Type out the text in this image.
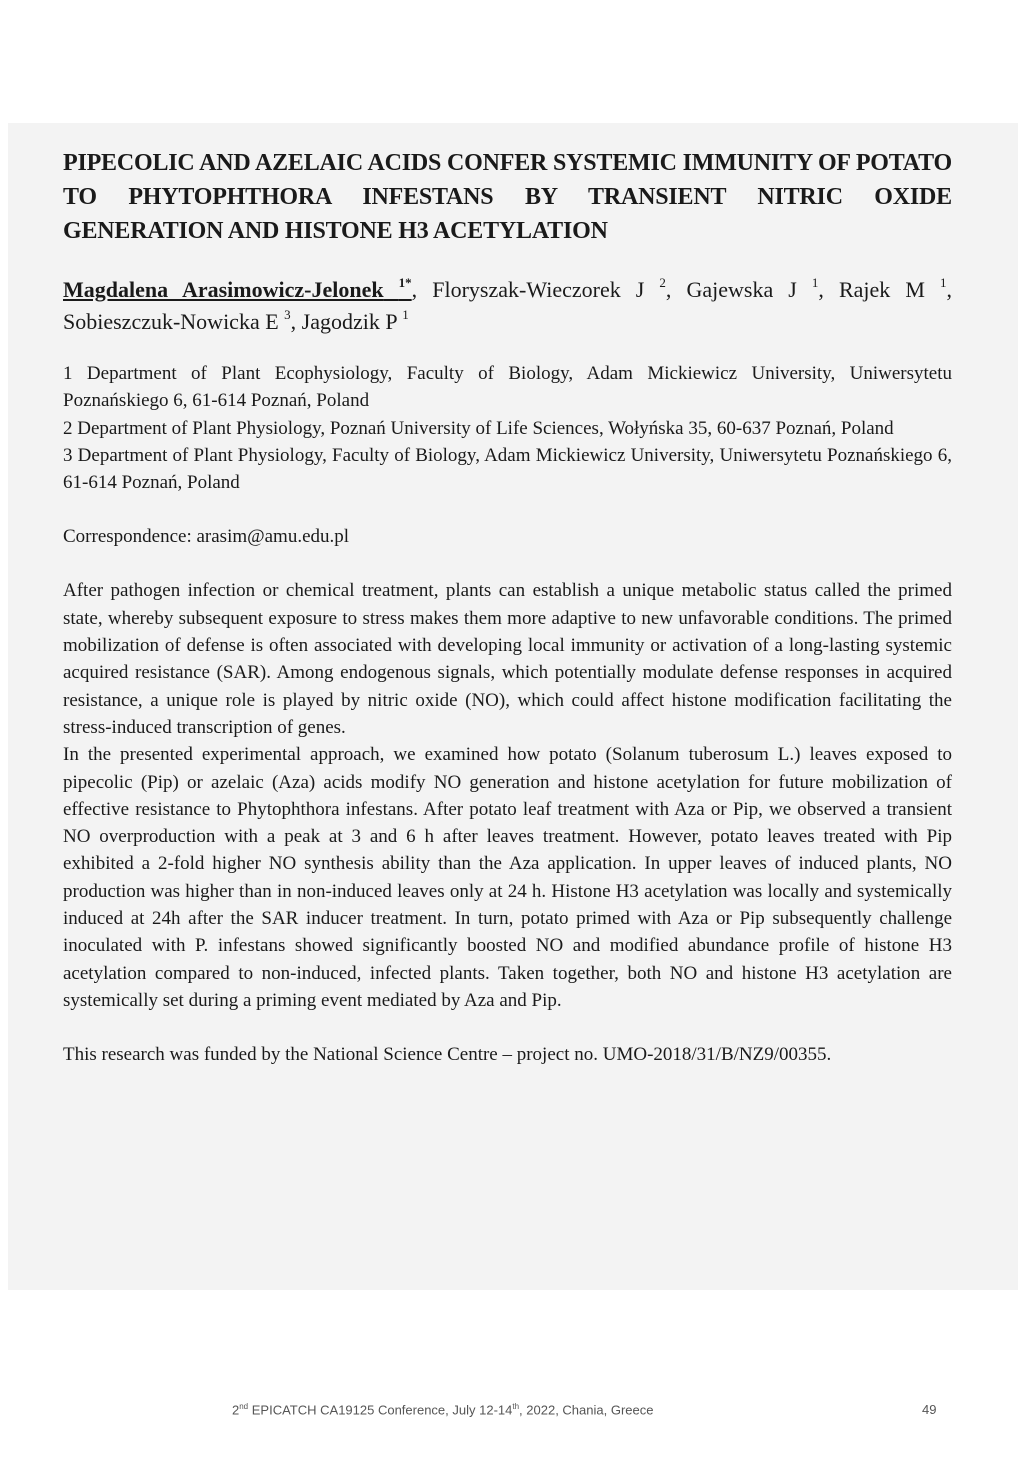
PIPECOLIC AND AZELAIC ACIDS CONFER SYSTEMIC IMMUNITY OF POTATO TO PHYTOPHTHORA INFESTANS BY TRANSIENT NITRIC OXIDE GENERATION AND HISTONE H3 ACETYLATION
Magdalena Arasimowicz-Jelonek $^{1*}$, Floryszak-Wieczorek J $^2$, Gajewska J $^1$, Rajek M $^1$, Sobieszczuk-Nowicka E $^3$, Jagodzik P $^1$
1 Department of Plant Ecophysiology, Faculty of Biology, Adam Mickiewicz University, Uniwersytetu Poznańskiego 6, 61-614 Poznań, Poland
2 Department of Plant Physiology, Poznań University of Life Sciences, Wołyńska 35, 60-637 Poznań, Poland
3 Department of Plant Physiology, Faculty of Biology, Adam Mickiewicz University, Uniwersytetu Poznańskiego 6, 61-614 Poznań, Poland
Correspondence: arasim@amu.edu.pl

After pathogen infection or chemical treatment, plants can establish a unique metabolic status called the primed state, whereby subsequent exposure to stress makes them more adaptive to new unfavorable conditions. The primed mobilization of defense is often associated with developing local immunity or activation of a long-lasting systemic acquired resistance (SAR). Among endogenous signals, which potentially modulate defense responses in acquired resistance, a unique role is played by nitric oxide (NO), which could affect histone modification facilitating the stress-induced transcription of genes.

In the presented experimental approach, we examined how potato (Solanum tuberosum L.) leaves exposed to pipecolic (Pip) or azelaic (Aza) acids modify NO generation and histone acetylation for future mobilization of effective resistance to Phytophthora infestans. After potato leaf treatment with Aza or Pip, we observed a transient NO overproduction with a peak at 3 and 6 h after leaves treatment. However, potato leaves treated with Pip exhibited a 2-fold higher NO synthesis ability than the Aza application. In upper leaves of induced plants, NO production was higher than in non-induced leaves only at 24 h. Histone H3 acetylation was locally and systemically induced at 24h after the SAR inducer treatment. In turn, potato primed with Aza or Pip subsequently challenge inoculated with P. infestans showed significantly boosted NO and modified abundance profile of histone H3 acetylation compared to non-induced, infected plants. Taken together, both NO and histone H3 acetylation are systemically set during a priming event mediated by Aza and Pip.

This research was funded by the National Science Centre – project no. UMO-2018/31/B/NZ9/00355.
2nd EPICATCH CA19125 Conference, July 12-14th, 2022, Chania, Greece	49
